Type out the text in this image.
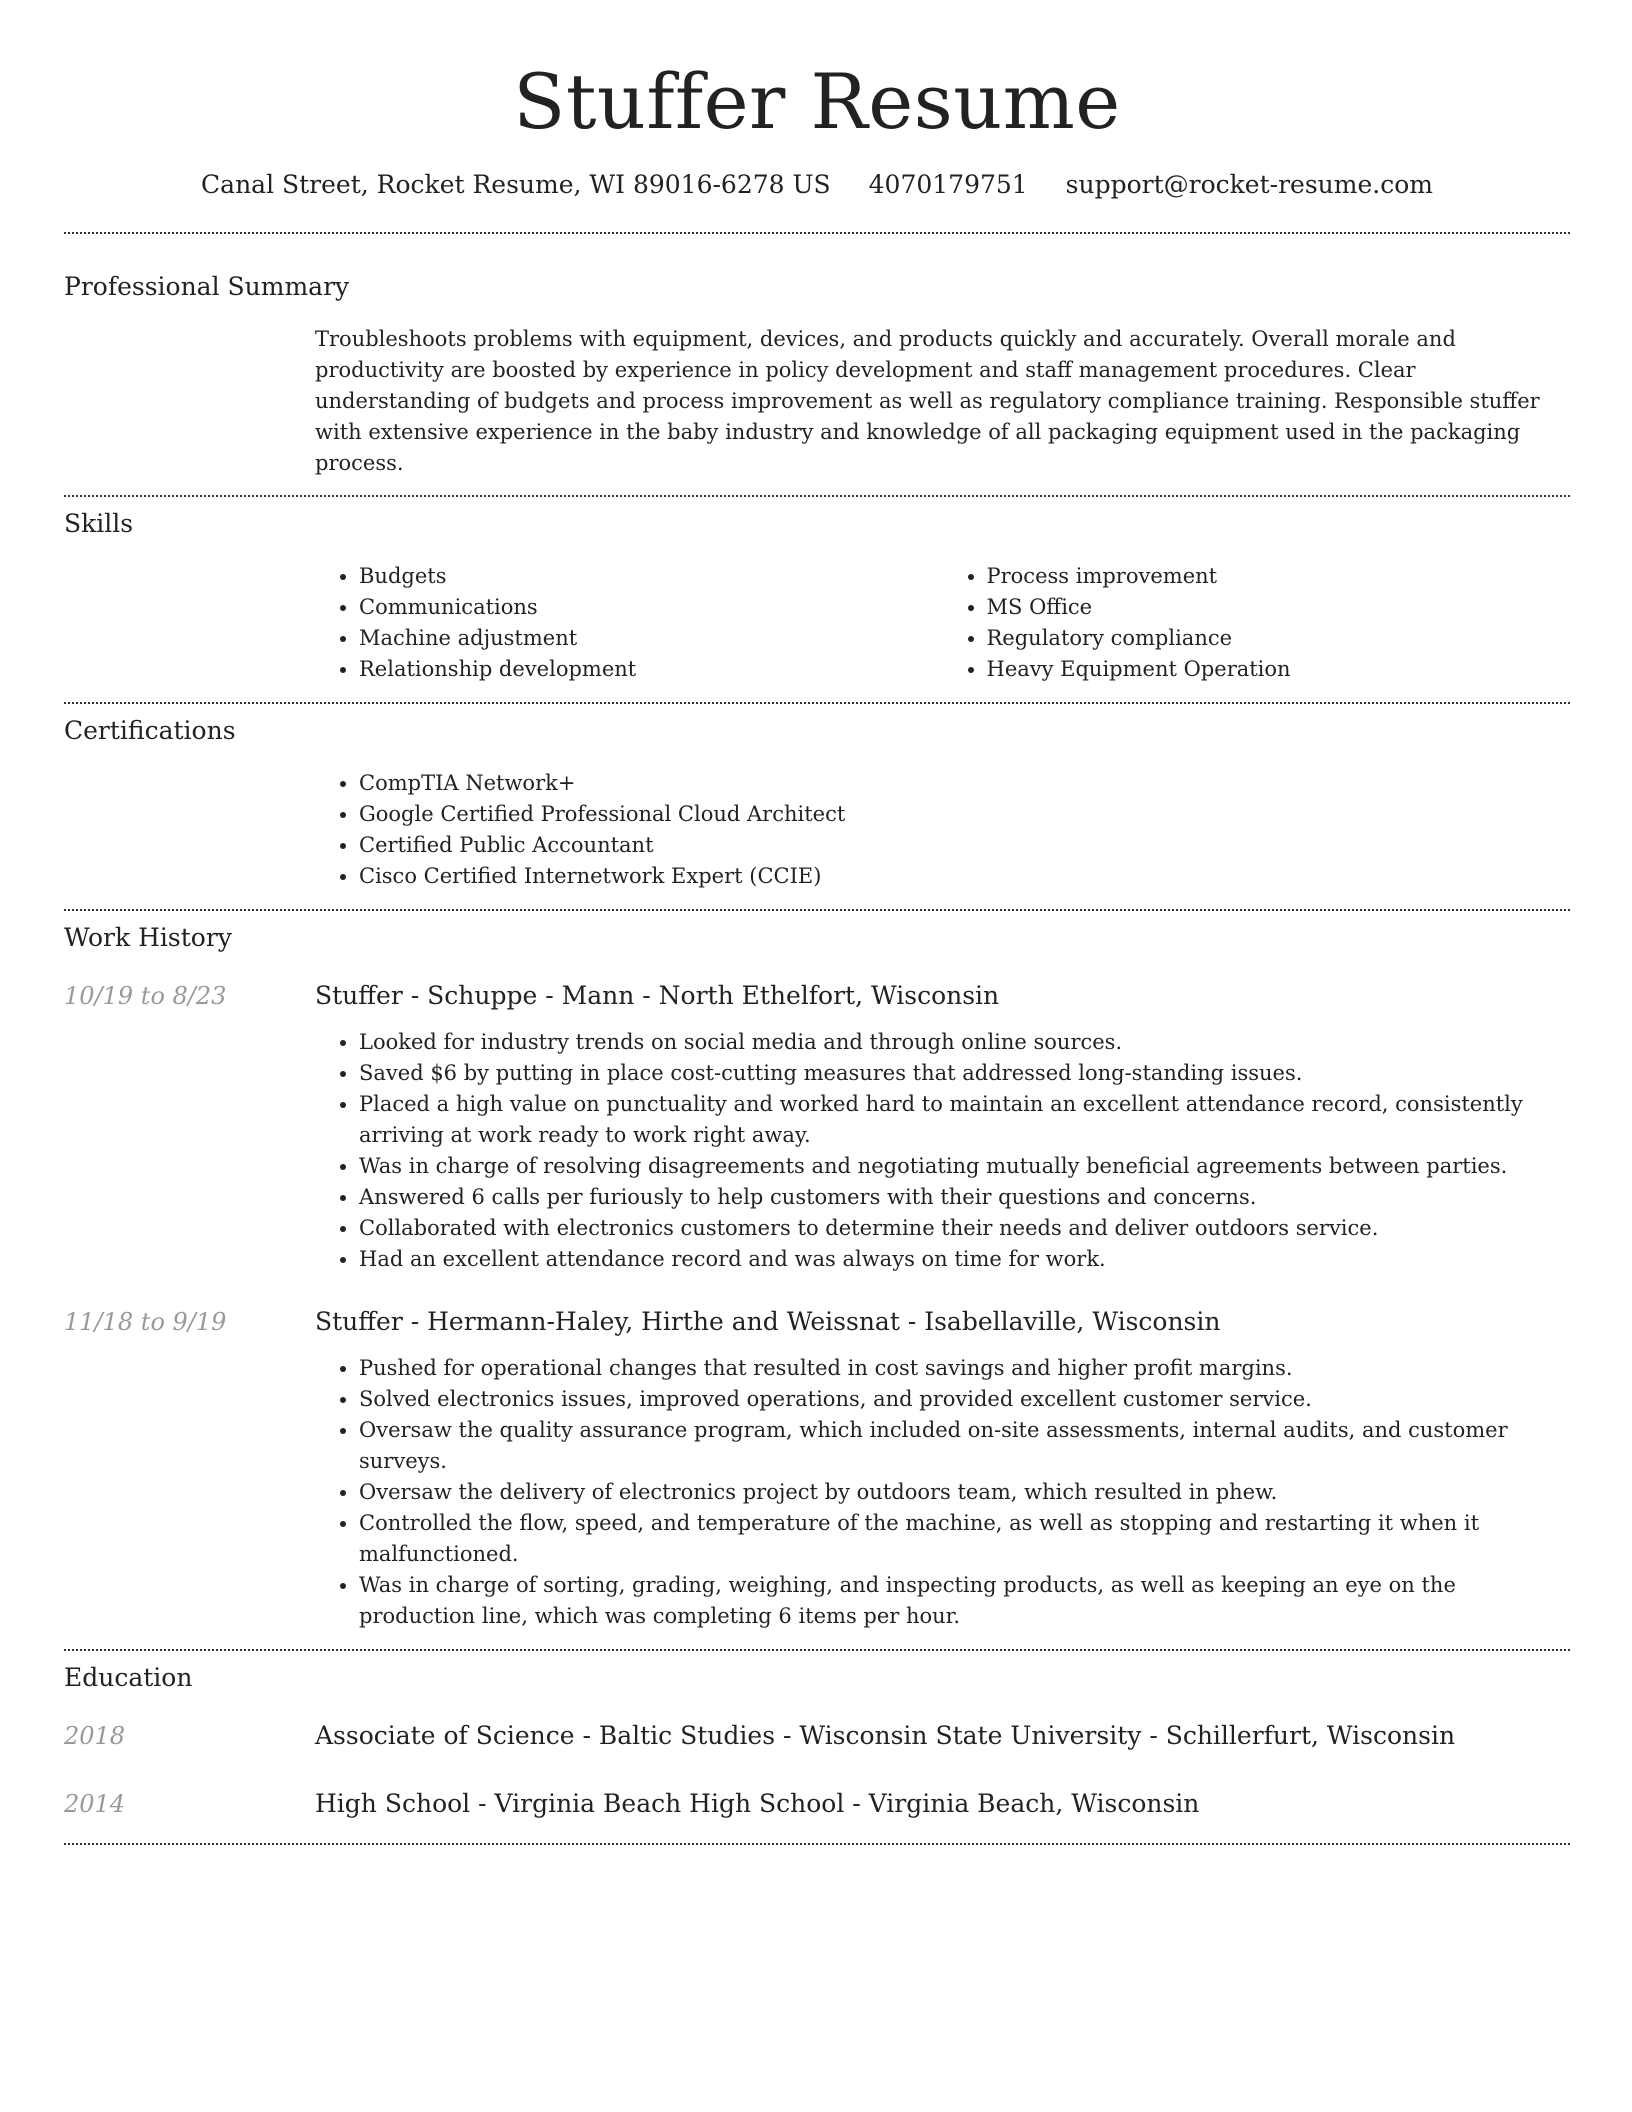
Stuffer Resume
Canal Street, Rocket Resume, WI 89016-6278 US 4070179751 support@rocket-resume.com
Professional Summary

Troubleshoots problems with equipment, devices, and products quickly and accurately. Overall morale and productivity are boosted by experience in policy development and staff management procedures. Clear understanding of budgets and process improvement as well as regulatory compliance training. Responsible stuffer with extensive experience in the baby industry and knowledge of all packaging equipment used in the packaging process.

Skills
• Budgets
• Communications
• Machine adjustment
• Relationship development
• Process improvement
• MS Office
• Regulatory compliance
• Heavy Equipment Operation
Certifications
• CompTIA Network+
• Google Certified Professional Cloud Architect
• Certified Public Accountant
• Cisco Certified Internetwork Expert (CCIE)
Work History
10/19 to 8/23	Stuffer - Schuppe - Mann - North Ethelfort, Wisconsin
• Looked for industry trends on social media and through online sources.
• Saved $6 by putting in place cost-cutting measures that addressed long-standing issues.
• Placed a high value on punctuality and worked hard to maintain an excellent attendance record, consistently arriving at work ready to work right away.
• Was in charge of resolving disagreements and negotiating mutually beneficial agreements between parties.
• Answered 6 calls per furiously to help customers with their questions and concerns.
• Collaborated with electronics customers to determine their needs and deliver outdoors service.
• Had an excellent attendance record and was always on time for work.
11/18 to 9/19	Stuffer - Hermann-Haley, Hirthe and Weissnat - Isabellaville, Wisconsin
• Pushed for operational changes that resulted in cost savings and higher profit margins.
• Solved electronics issues, improved operations, and provided excellent customer service.
• Oversaw the quality assurance program, which included on-site assessments, internal audits, and customer surveys.
• Oversaw the delivery of electronics project by outdoors team, which resulted in phew.
• Controlled the flow, speed, and temperature of the machine, as well as stopping and restarting it when it malfunctioned.
• Was in charge of sorting, grading, weighing, and inspecting products, as well as keeping an eye on the production line, which was completing 6 items per hour.
Education
2018	Associate of Science - Baltic Studies - Wisconsin State University - Schillerfurt, Wisconsin
2014	High School - Virginia Beach High School - Virginia Beach, Wisconsin
